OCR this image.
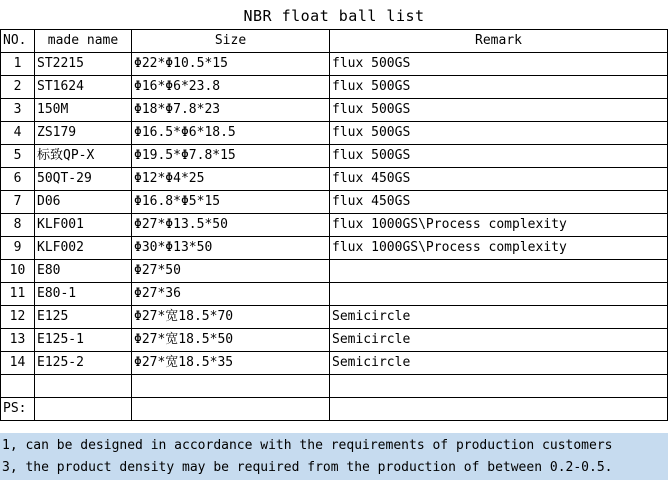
NBR float ball list
NO.	made name	Size	Remark
1	ST2215	Φ22*Φ10.5*15	flux 500GS
2	ST1624	Φ16*Φ6*23.8	flux 500GS
3	150M	Φ18*Φ7.8*23	flux 500GS
4	ZS179	Φ16.5*Φ6*18.5	flux 500GS
5	标致QP-X	Φ19.5*Φ7.8*15	flux 500GS
6	50QT-29	Φ12*Φ4*25	flux 450GS
7	D06	Φ16.8*Φ5*15	flux 450GS
8	KLF001	Φ27*Φ13.5*50	flux 1000GS\Process complexity
9	KLF002	Φ30*Φ13*50	flux 1000GS\Process complexity
10	E80	Φ27*50	
11	E80-1	Φ27*36	
12	E125	Φ27*宽18.5*70	Semicircle
13	E125-1	Φ27*宽18.5*50	Semicircle
14	E125-2	Φ27*宽18.5*35	Semicircle

PS:			
1, can be designed in accordance with the requirements of production customers
3, the product density may be required from the production of between 0.2-0.5.
